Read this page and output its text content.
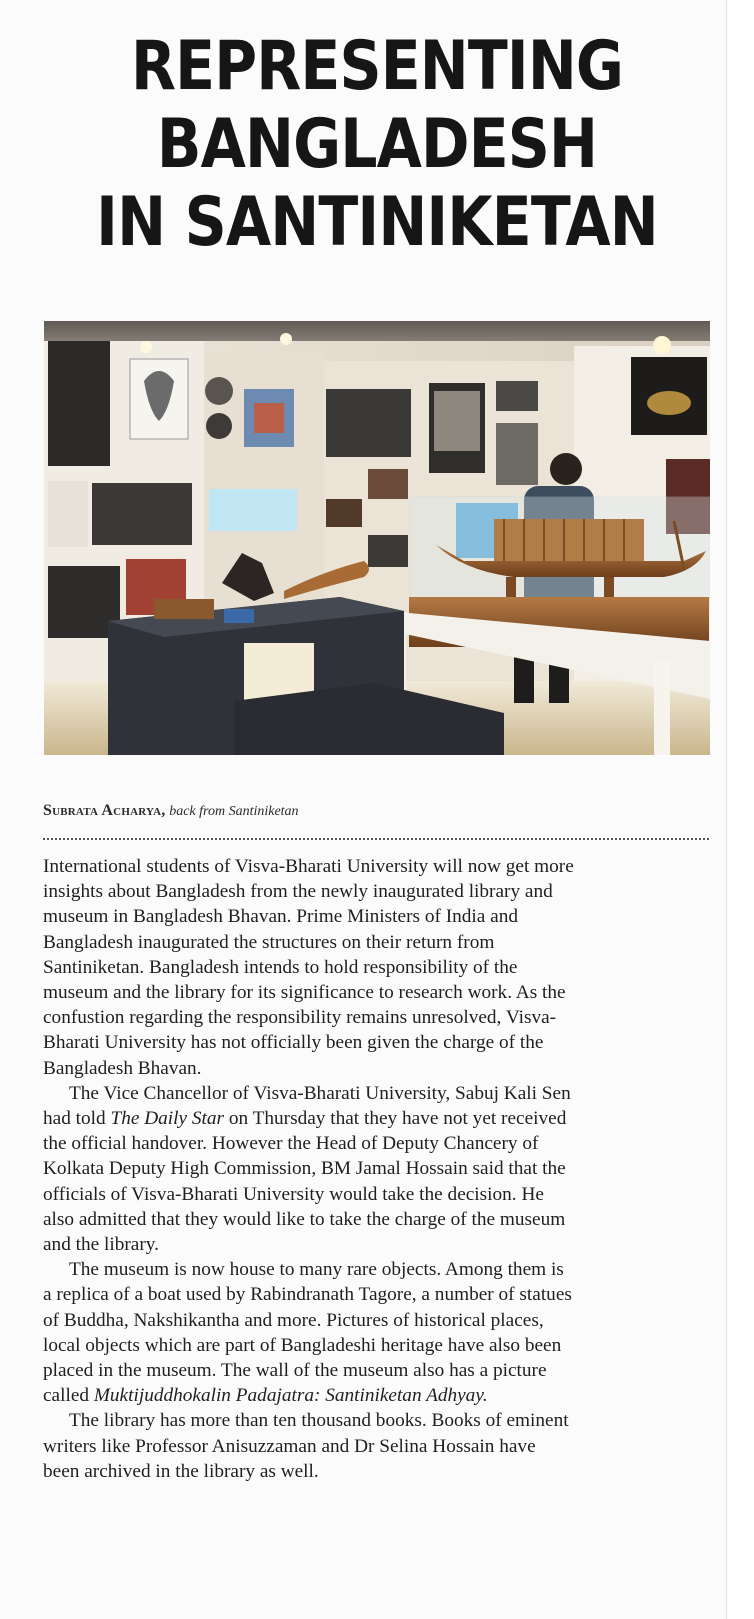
REPRESENTING
BANGLADESH
IN SANTINIKETAN
Subrata Acharya, back from Santiniketan

International students of Visva-Bharati University will now get more
insights about Bangladesh from the newly inaugurated library and
museum in Bangladesh Bhavan. Prime Ministers of India and
Bangladesh inaugurated the structures on their return from
Santiniketan. Bangladesh intends to hold responsibility of the
museum and the library for its significance to research work. As the
confustion regarding the responsibility remains unresolved, Visva-
Bharati University has not officially been given the charge of the
Bangladesh Bhavan.

The Vice Chancellor of Visva-Bharati University, Sabuj Kali Sen
had told The Daily Star on Thursday that they have not yet received
the official handover. However the Head of Deputy Chancery of
Kolkata Deputy High Commission, BM Jamal Hossain said that the
officials of Visva-Bharati University would take the decision. He
also admitted that they would like to take the charge of the museum
and the library.

The museum is now house to many rare objects. Among them is
a replica of a boat used by Rabindranath Tagore, a number of statues
of Buddha, Nakshikantha and more. Pictures of historical places,
local objects which are part of Bangladeshi heritage have also been
placed in the museum. The wall of the museum also has a picture
called Muktijuddhokalin Padajatra: Santiniketan Adhyay.

The library has more than ten thousand books. Books of eminent
writers like Professor Anisuzzaman and Dr Selina Hossain have
been archived in the library as well.
